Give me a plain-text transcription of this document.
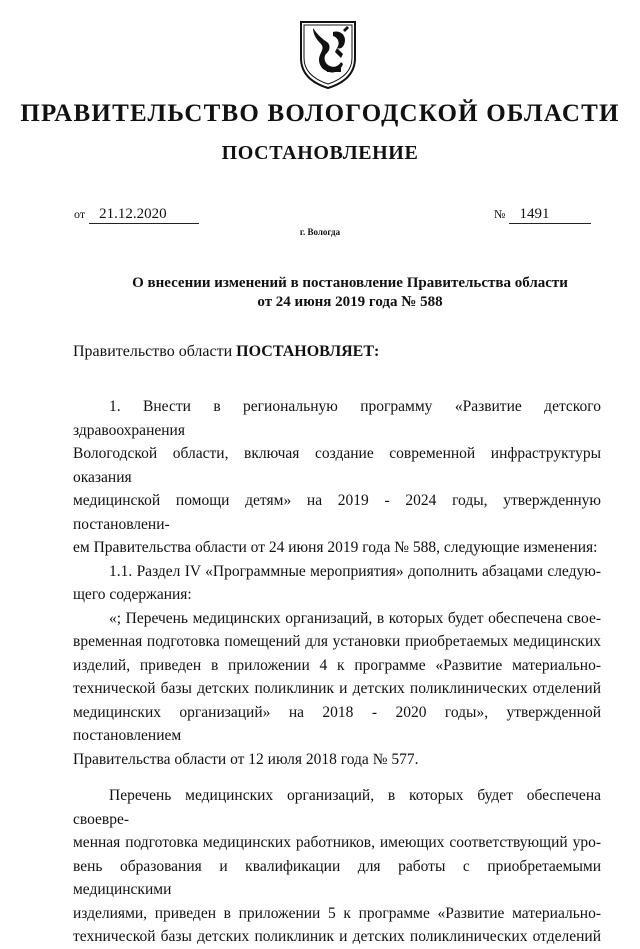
ПРАВИТЕЛЬСТВО ВОЛОГОДСКОЙ ОБЛАСТИ
ПОСТАНОВЛЕНИЕ
от 21.12.2020	№ 1491
г. Вологда
О внесении изменений в постановление Правительства области
от 24 июня 2019 года № 588
Правительство области ПОСТАНОВЛЯЕТ:

1. Внести в региональную программу «Развитие детского здравоохранения

Вологодской области, включая создание современной инфраструктуры оказания

медицинской помощи детям» на 2019 - 2024 годы, утвержденную постановлени-

ем Правительства области от 24 июня 2019 года № 588, следующие изменения:

1.1. Раздел IV «Программные мероприятия» дополнить абзацами следую-

щего содержания:

«; Перечень медицинских организаций, в которых будет обеспечена свое-

временная подготовка помещений для установки приобретаемых медицинских

изделий, приведен в приложении 4 к программе «Развитие материально-

технической базы детских поликлиник и детских поликлинических отделений

медицинских организаций» на 2018 - 2020 годы», утвержденной постановлением

Правительства области от 12 июля 2018 года № 577.

Перечень медицинских организаций, в которых будет обеспечена своевре-

менная подготовка медицинских работников, имеющих соответствующий уро-

вень образования и квалификации для работы с приобретаемыми медицинскими

изделиями, приведен в приложении 5 к программе «Развитие материально-

технической базы детских поликлиник и детских поликлинических отделений
